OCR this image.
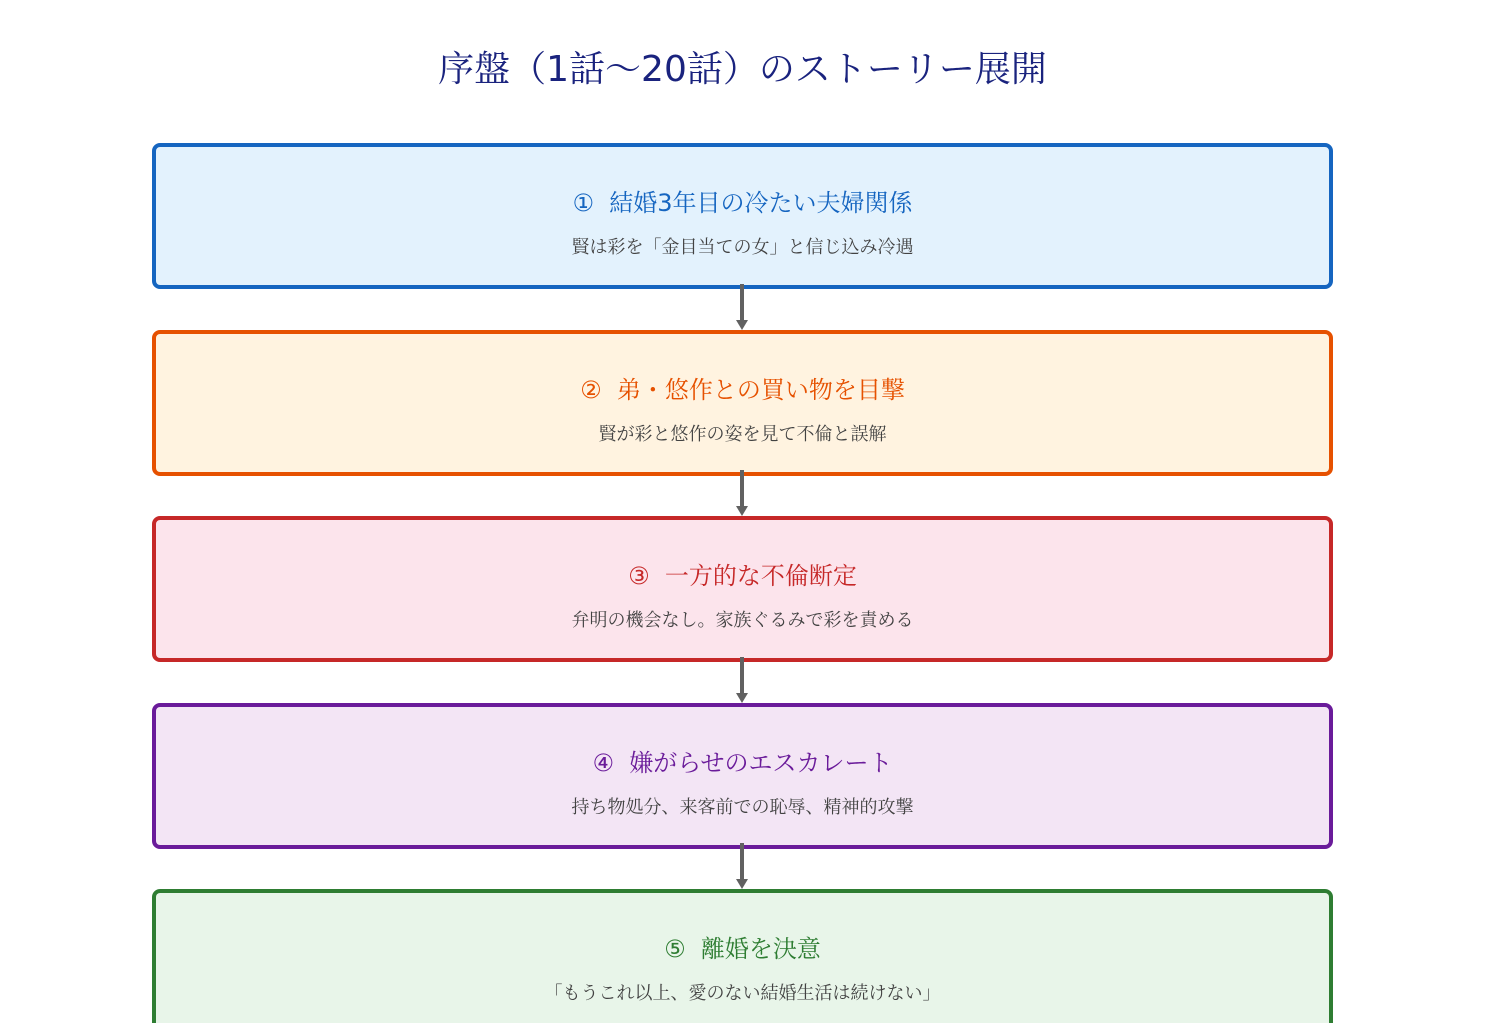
序盤（1話〜20話）のストーリー展開

① 結婚3年目の冷たい夫婦関係

賢は彩を「金目当ての女」と信じ込み冷遇

② 弟・悠作との買い物を目撃

賢が彩と悠作の姿を見て不倫と誤解

③ 一方的な不倫断定

弁明の機会なし。家族ぐるみで彩を責める

④ 嫌がらせのエスカレート

持ち物処分、来客前での恥辱、精神的攻撃

⑤ 離婚を決意

「もうこれ以上、愛のない結婚生活は続けない」
